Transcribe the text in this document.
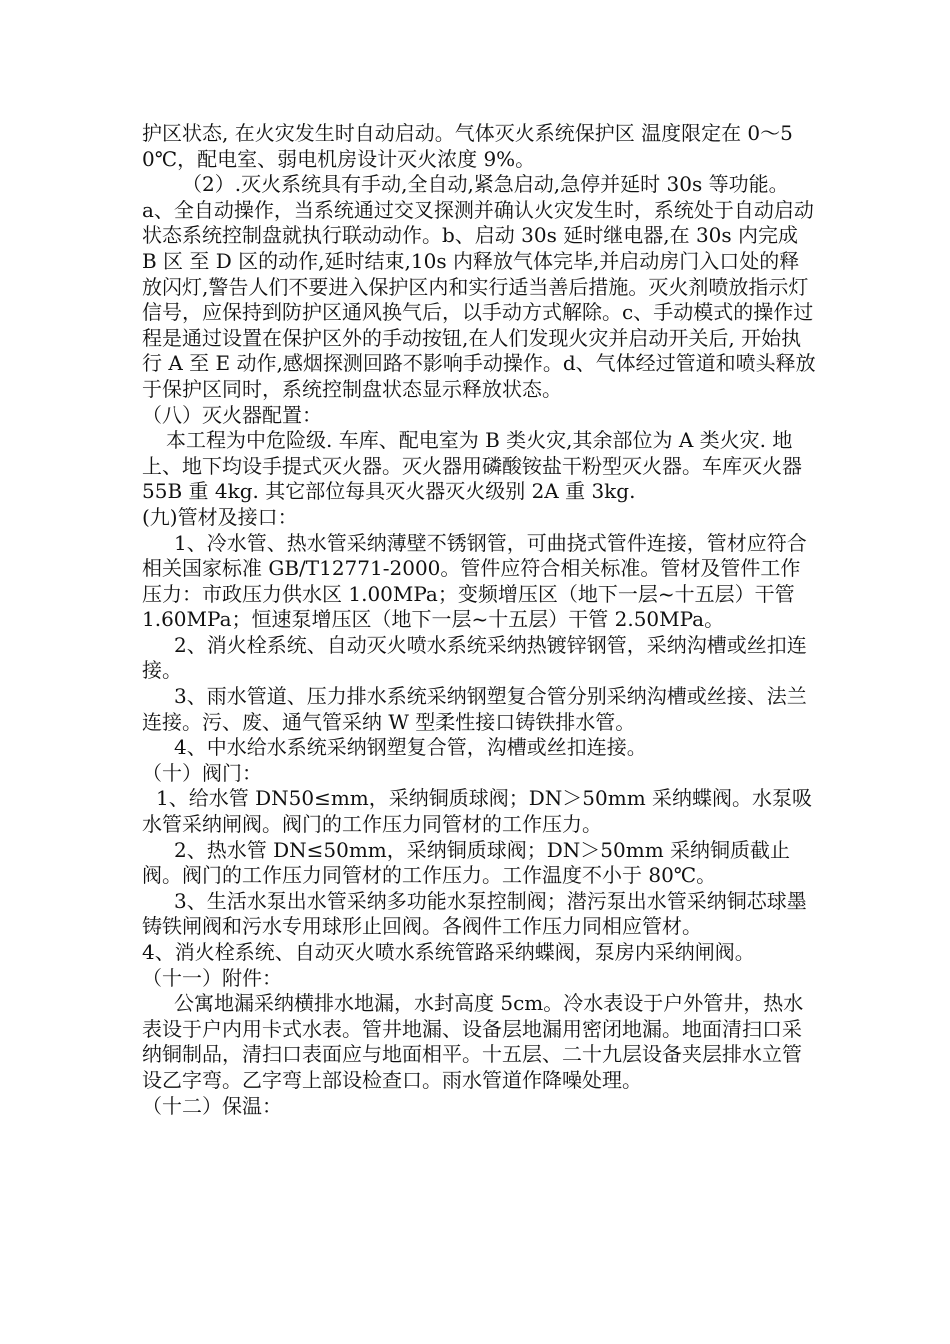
护区状态, 在火灾发生时自动启动。气体灭火系统保护区 温度限定在 0～50℃，配电室、弱电机房设计灭火浓度 9%。

（2）.灭火系统具有手动,全自动,紧急启动,急停并延时 30s 等功能。a、全自动操作，当系统通过交叉探测并确认火灾发生时，系统处于自动启动状态系统控制盘就执行联动动作。b、启动 30s 延时继电器,在 30s 内完成 B 区 至 D 区的动作,延时结束,10s 内释放气体完毕,并启动房门入口处的释放闪灯,警告人们不要进入保护区内和实行适当善后措施。灭火剂喷放指示灯信号，应保持到防护区通风换气后，以手动方式解除。c、手动模式的操作过程是通过设置在保护区外的手动按钮,在人们发现火灾并启动开关后, 开始执行 A 至 E 动作,感烟探测回路不影响手动操作。d、气体经过管道和喷头释放于保护区同时，系统控制盘状态显示释放状态。

（八）灭火器配置：

本工程为中危险级. 车库、配电室为 B 类火灾,其余部位为 A 类火灾. 地上、地下均设手提式灭火器。灭火器用磷酸铵盐干粉型灭火器。车库灭火器 55B 重 4kg. 其它部位每具灭火器灭火级别 2A 重 3kg.

(九)管材及接口：

1、冷水管、热水管采纳薄壁不锈钢管，可曲挠式管件连接，管材应符合相关国家标准 GB/T12771-2000。管件应符合相关标准。管材及管件工作压力：市政压力供水区 1.00MPa；变频增压区（地下一层~十五层）干管 1.60MPa；恒速泵增压区（地下一层~十五层）干管 2.50MPa。

2、消火栓系统、自动灭火喷水系统采纳热镀锌钢管，采纳沟槽或丝扣连接。

3、雨水管道、压力排水系统采纳钢塑复合管分别采纳沟槽或丝接、法兰连接。污、废、通气管采纳 W 型柔性接口铸铁排水管。

4、中水给水系统采纳钢塑复合管，沟槽或丝扣连接。

（十）阀门：

1、给水管 DN50≤mm，采纳铜质球阀；DN＞50mm 采纳蝶阀。水泵吸水管采纳闸阀。阀门的工作压力同管材的工作压力。

2、热水管 DN≤50mm，采纳铜质球阀；DN＞50mm 采纳铜质截止阀。阀门的工作压力同管材的工作压力。工作温度不小于 80℃。

3、生活水泵出水管采纳多功能水泵控制阀；潜污泵出水管采纳铜芯球墨铸铁闸阀和污水专用球形止回阀。各阀件工作压力同相应管材。

4、消火栓系统、自动灭火喷水系统管路采纳蝶阀，泵房内采纳闸阀。

（十一）附件：

公寓地漏采纳横排水地漏，水封高度 5cm。冷水表设于户外管井，热水表设于户内用卡式水表。管井地漏、设备层地漏用密闭地漏。地面清扫口采纳铜制品，清扫口表面应与地面相平。十五层、二十九层设备夹层排水立管设乙字弯。乙字弯上部设检查口。雨水管道作降噪处理。

（十二）保温：
